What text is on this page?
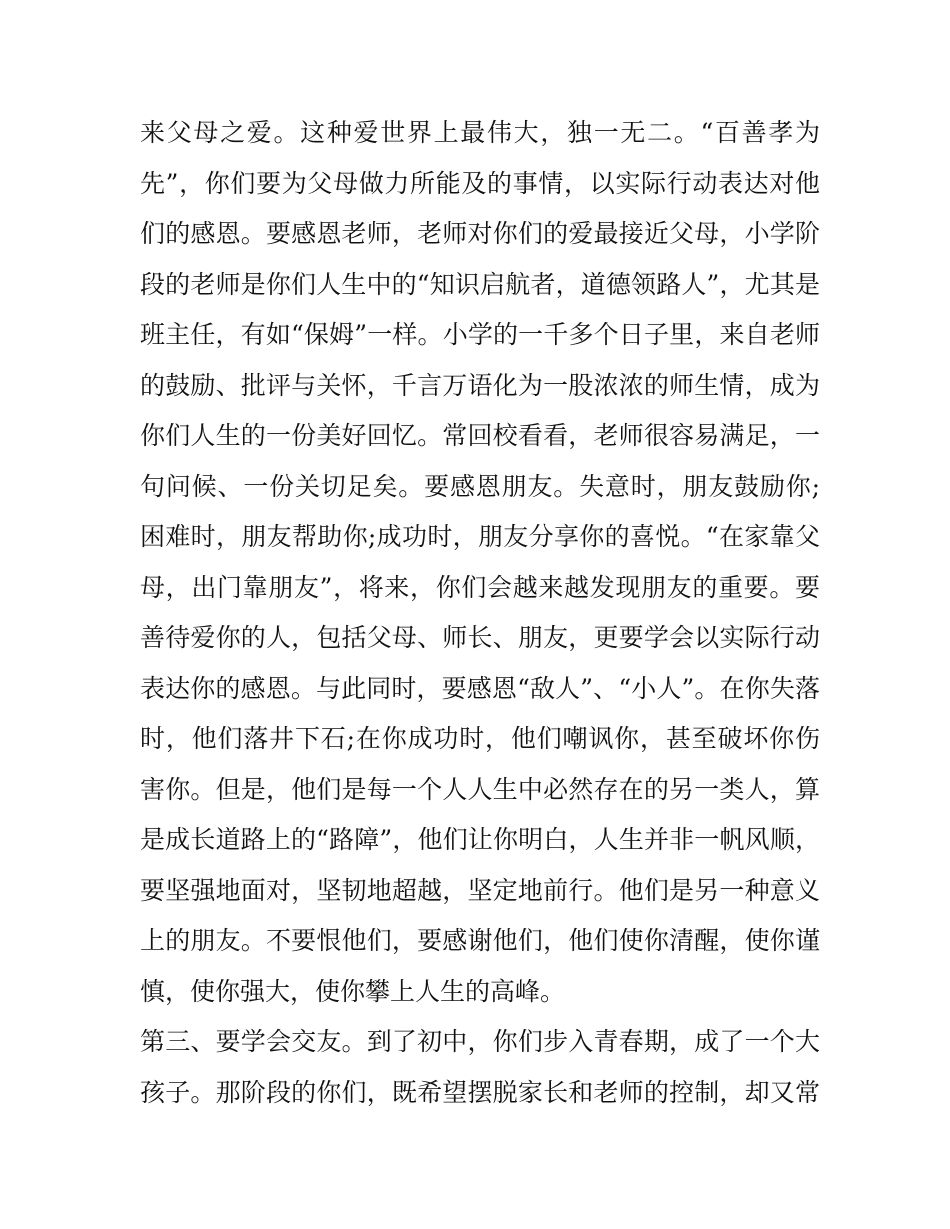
来父母之爱。这种爱世界上最伟大，独一无二。“百善孝为
先”，你们要为父母做力所能及的事情，以实际行动表达对他
们的感恩。要感恩老师，老师对你们的爱最接近父母，小学阶
段的老师是你们人生中的“知识启航者，道德领路人”，尤其是
班主任，有如“保姆”一样。小学的一千多个日子里，来自老师
的鼓励、批评与关怀，千言万语化为一股浓浓的师生情，成为
你们人生的一份美好回忆。常回校看看，老师很容易满足，一
句问候、一份关切足矣。要感恩朋友。失意时，朋友鼓励你;
困难时，朋友帮助你;成功时，朋友分享你的喜悦。“在家靠父
母，出门靠朋友”，将来，你们会越来越发现朋友的重要。要
善待爱你的人，包括父母、师长、朋友，更要学会以实际行动
表达你的感恩。与此同时，要感恩“敌人”、“小人”。在你失落
时，他们落井下石;在你成功时，他们嘲讽你，甚至破坏你伤
害你。但是，他们是每一个人人生中必然存在的另一类人，算
是成长道路上的“路障”，他们让你明白，人生并非一帆风顺，
要坚强地面对，坚韧地超越，坚定地前行。他们是另一种意义
上的朋友。不要恨他们，要感谢他们，他们使你清醒，使你谨
慎，使你强大，使你攀上人生的高峰。
第三、要学会交友。到了初中，你们步入青春期，成了一个大
孩子。那阶段的你们，既希望摆脱家长和老师的控制，却又常
